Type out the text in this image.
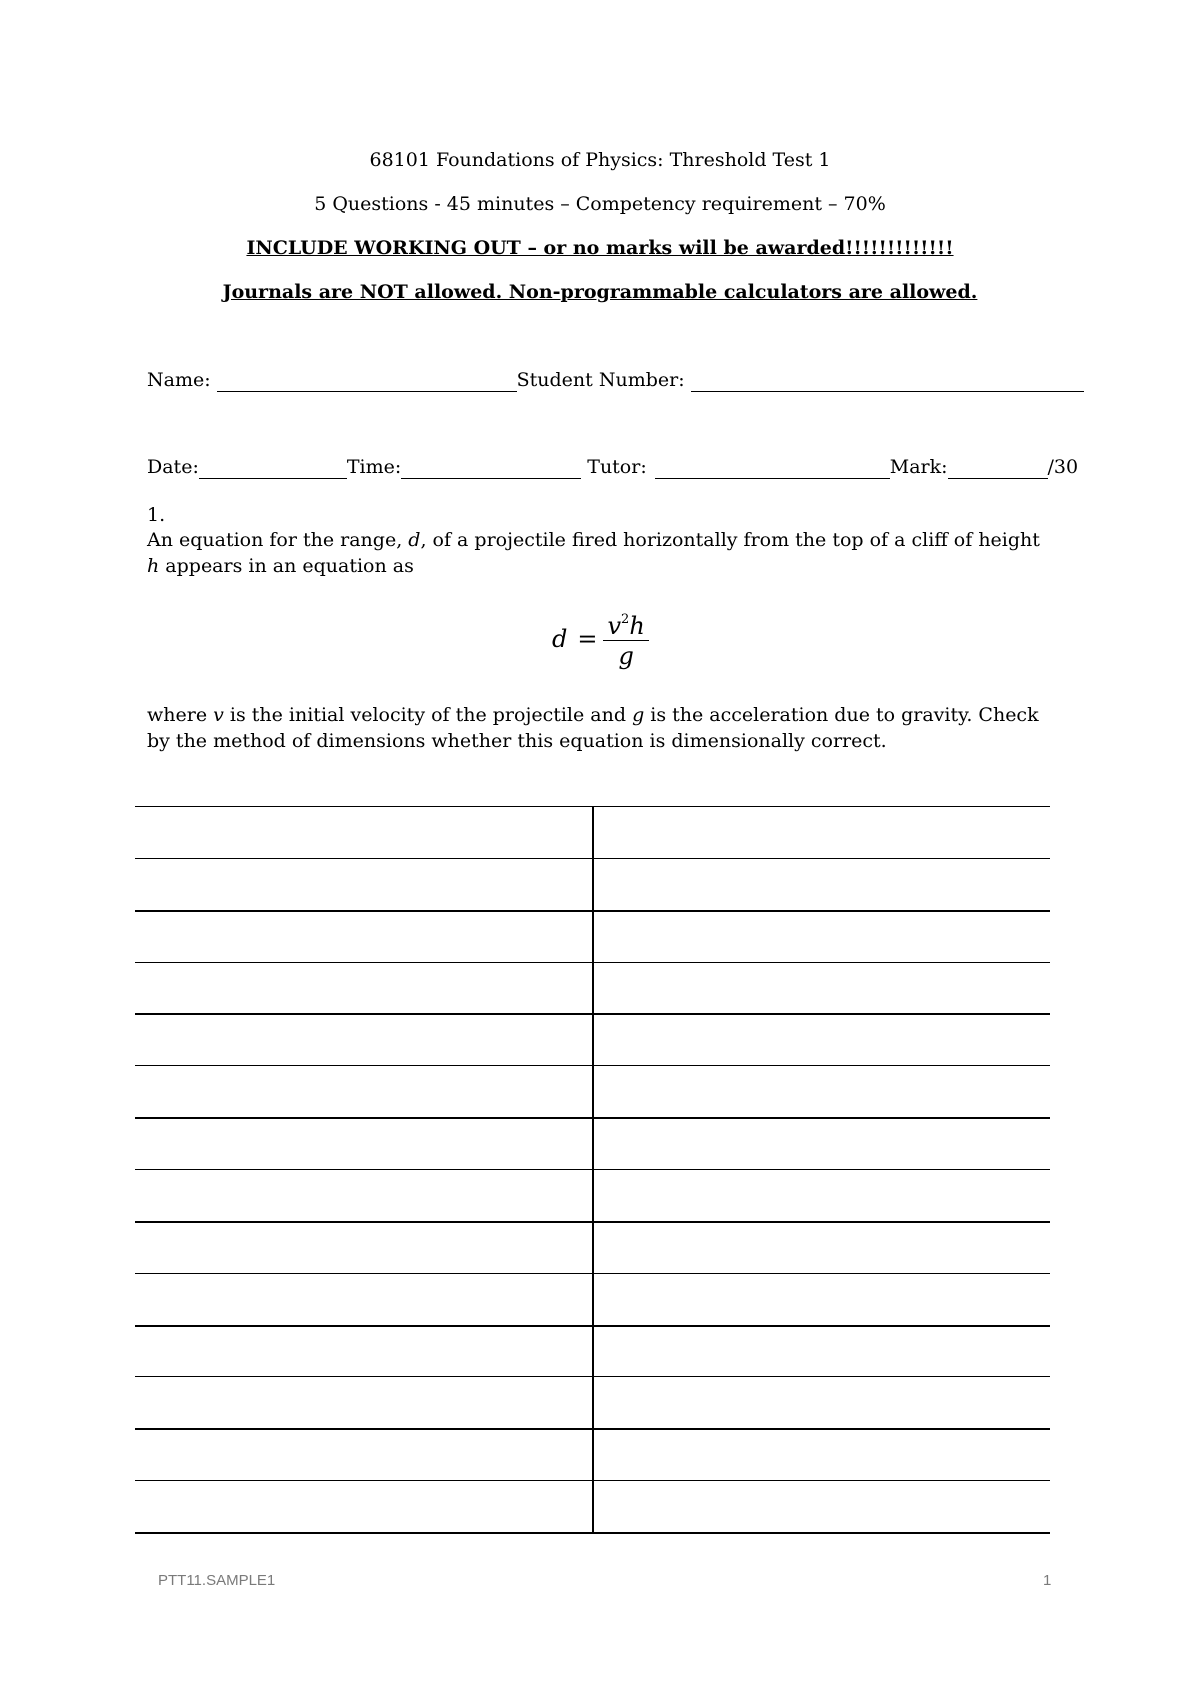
68101 Foundations of Physics: Threshold Test 1
5 Questions - 45 minutes – Competency requirement – 70%
INCLUDE WORKING OUT – or no marks will be awarded!!!!!!!!!!!!!
Journals are NOT allowed. Non-programmable calculators are allowed.
Name:	Student Number:
Date:	Time:	Tutor:	Mark:	/30
1.
An equation for the range, d, of a projectile fired horizontally from the top of a cliff of height h appears in an equation as
$d = \frac{v^2h}{g}$
where v is the initial velocity of the projectile and g is the acceleration due to gravity. Check by the method of dimensions whether this equation is dimensionally correct.
PTT11.SAMPLE1	1
